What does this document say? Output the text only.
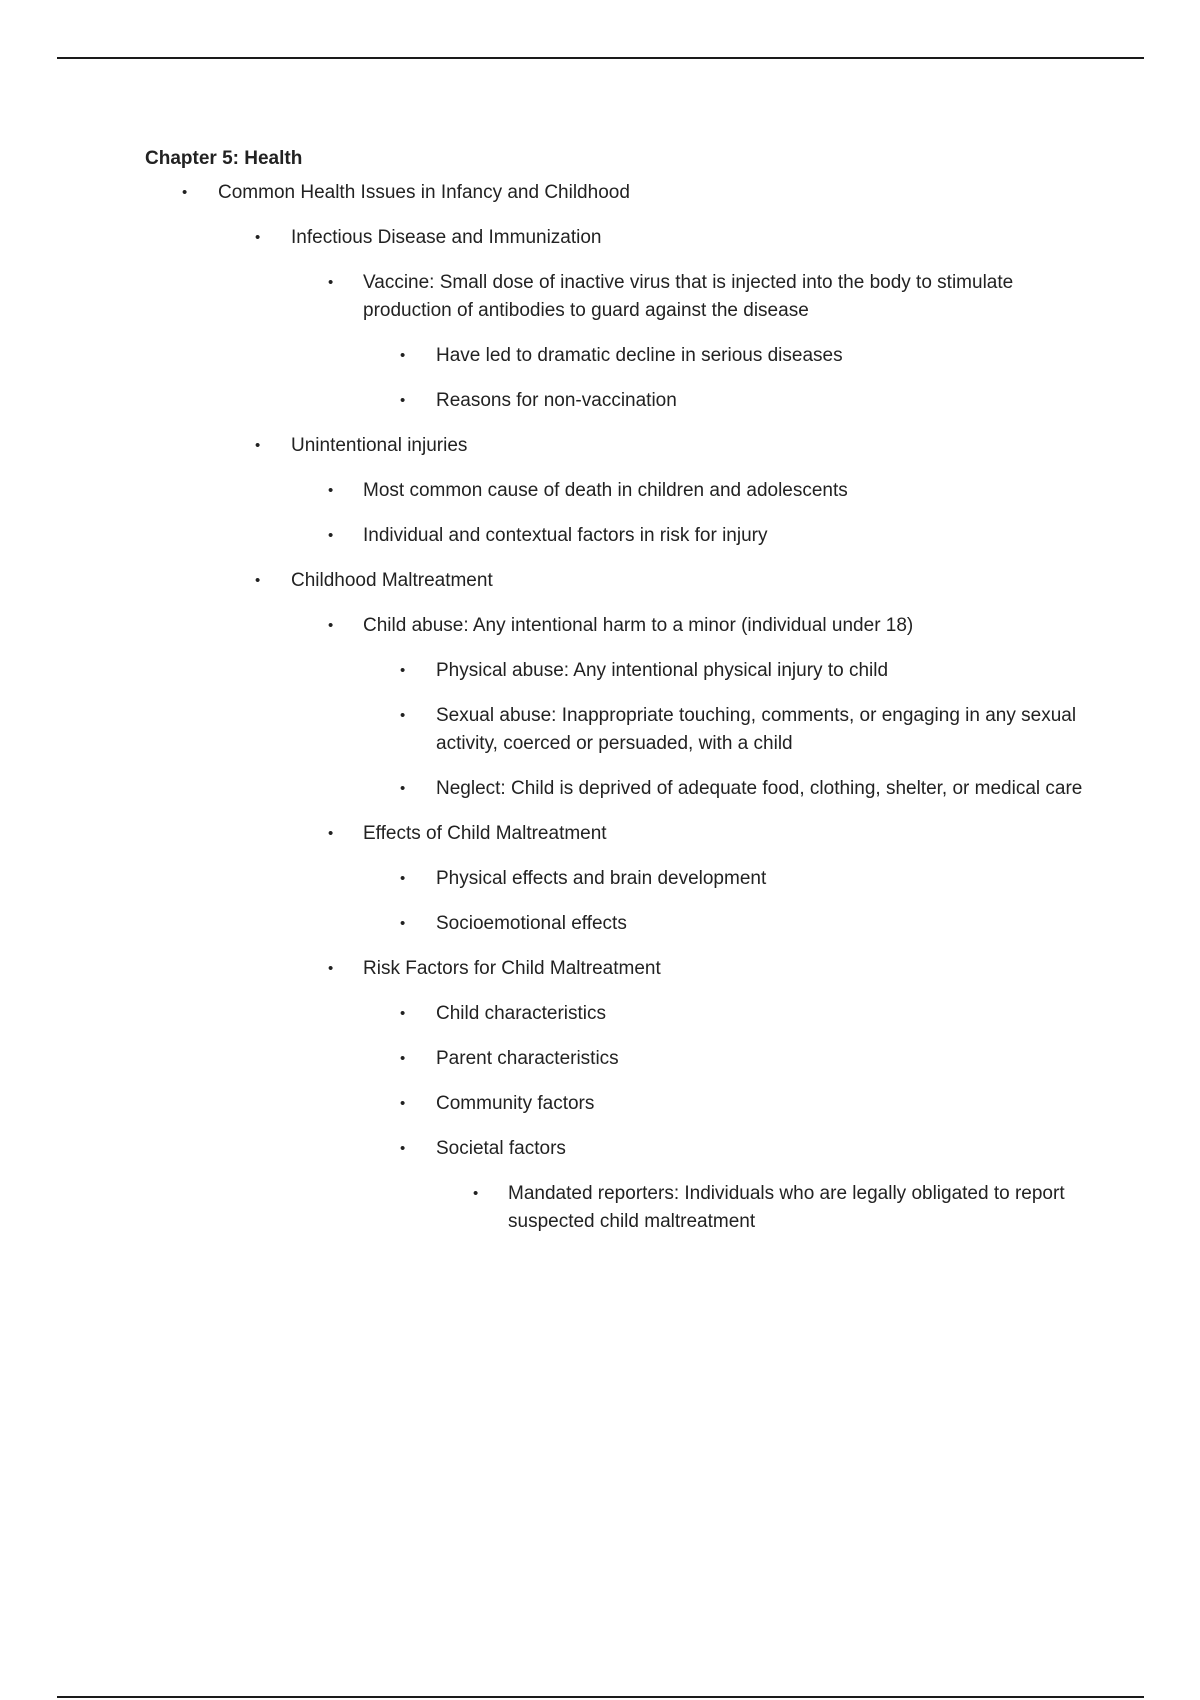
Chapter 5: Health
• Common Health Issues in Infancy and Childhood
• Infectious Disease and Immunization
• Vaccine: Small dose of inactive virus that is injected into the body to stimulate production of antibodies to guard against the disease
• Have led to dramatic decline in serious diseases
• Reasons for non-vaccination
• Unintentional injuries
• Most common cause of death in children and adolescents
• Individual and contextual factors in risk for injury
• Childhood Maltreatment
• Child abuse: Any intentional harm to a minor (individual under 18)
• Physical abuse: Any intentional physical injury to child
• Sexual abuse: Inappropriate touching, comments, or engaging in any sexual activity, coerced or persuaded, with a child
• Neglect: Child is deprived of adequate food, clothing, shelter, or medical care
• Effects of Child Maltreatment
• Physical effects and brain development
• Socioemotional effects
• Risk Factors for Child Maltreatment
• Child characteristics
• Parent characteristics
• Community factors
• Societal factors
• Mandated reporters: Individuals who are legally obligated to report suspected child maltreatment
